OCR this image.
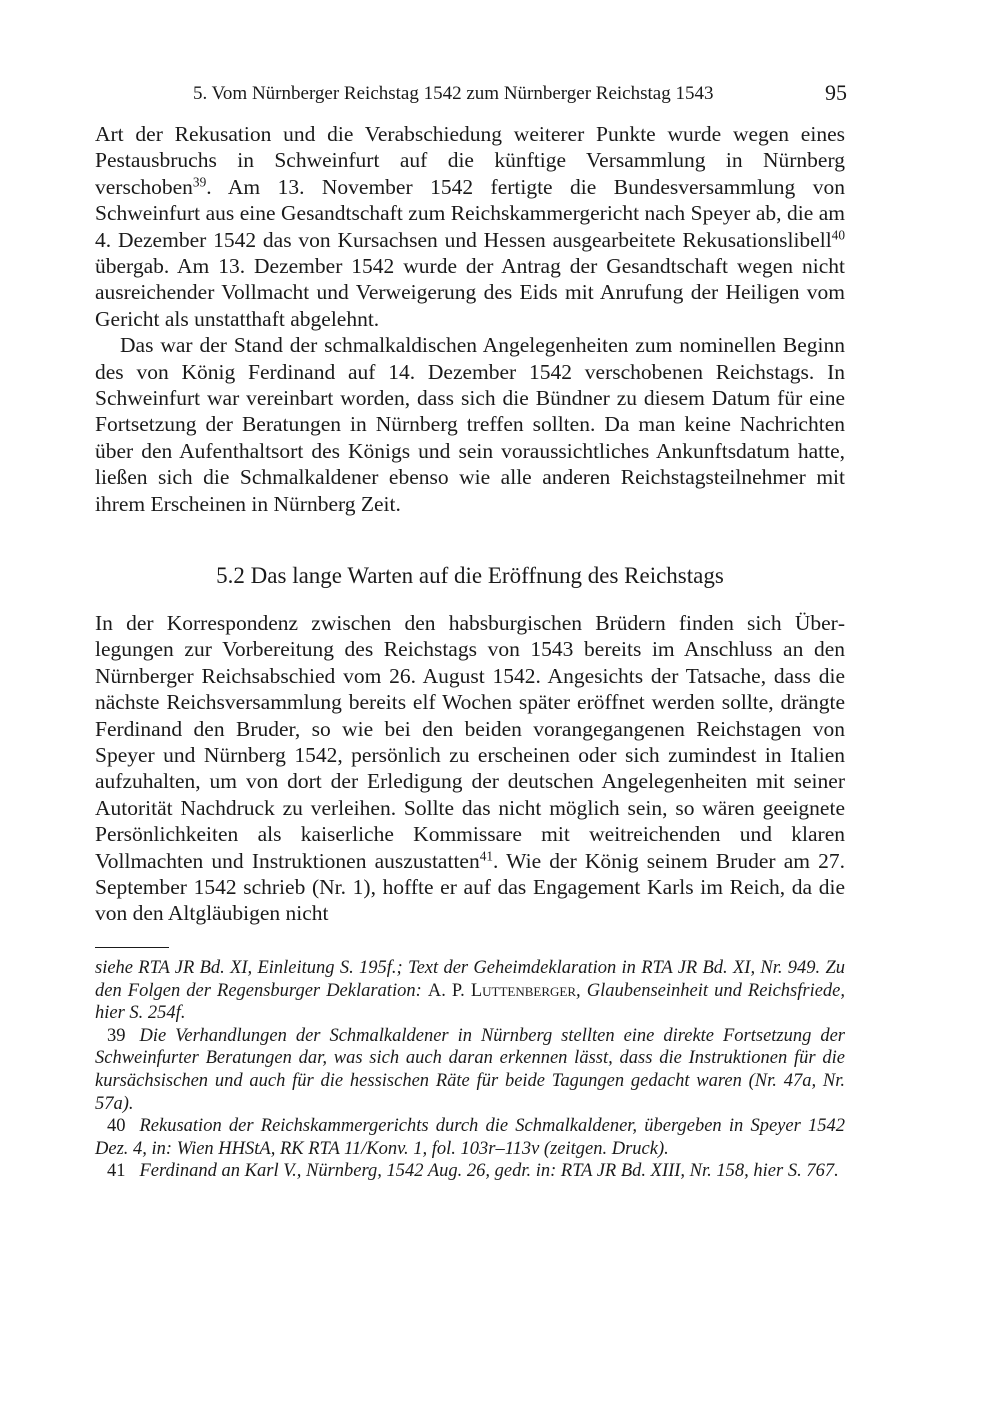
5. Vom Nürnberger Reichstag 1542 zum Nürnberger Reichstag 1543	95

Art der Rekusation und die Verabschiedung weiterer Punkte wurde wegen eines Pestausbruchs in Schweinfurt auf die künftige Versammlung in Nürnberg verschoben$^{39}$. Am 13. November 1542 fertigte die Bundesversammlung von Schweinfurt aus eine Gesandtschaft zum Reichskammergericht nach Speyer ab, die am 4. Dezember 1542 das von Kursachsen und Hessen ausgearbeitete Rekusationslibell$^{40}$ übergab. Am 13. Dezember 1542 wurde der Antrag der Gesandtschaft wegen nicht ausreichender Vollmacht und Verweigerung des Eids mit Anrufung der Heiligen vom Gericht als unstatthaft abgelehnt.

Das war der Stand der schmalkaldischen Angelegenheiten zum nominellen Beginn des von König Ferdinand auf 14. Dezember 1542 verschobenen Reichstags. In Schweinfurt war vereinbart worden, dass sich die Bündner zu diesem Datum für eine Fortsetzung der Beratungen in Nürnberg treffen sollten. Da man keine Nachrichten über den Aufenthaltsort des Königs und sein voraussichtliches Ankunftsdatum hatte, ließen sich die Schmalkaldener ebenso wie alle anderen Reichstagsteilnehmer mit ihrem Erscheinen in Nürnberg Zeit.

5.2 Das lange Warten auf die Eröffnung des Reichstags

In der Korrespondenz zwischen den habsburgischen Brüdern finden sich Überlegungen zur Vorbereitung des Reichstags von 1543 bereits im Anschluss an den Nürnberger Reichsabschied vom 26. August 1542. Angesichts der Tatsache, dass die nächste Reichsversammlung bereits elf Wochen später eröffnet werden sollte, drängte Ferdinand den Bruder, so wie bei den beiden vorangegangenen Reichstagen von Speyer und Nürnberg 1542, persönlich zu erscheinen oder sich zumindest in Italien aufzuhalten, um von dort der Erledigung der deutschen Angelegenheiten mit seiner Autorität Nachdruck zu verleihen. Sollte das nicht möglich sein, so wären geeignete Persönlichkeiten als kaiserliche Kommissare mit weitreichenden und klaren Vollmachten und Instruktionen auszustatten$^{41}$. Wie der König seinem Bruder am 27. September 1542 schrieb (Nr. 1), hoffte er auf das Engagement Karls im Reich, da die von den Altgläubigen nicht

siehe RTA JR Bd. XI, Einleitung S. 195f.; Text der Geheimdeklaration in RTA JR Bd. XI, Nr. 949. Zu den Folgen der Regensburger Deklaration: A. P. Luttenberger, Glaubenseinheit und Reichsfriede, hier S. 254f.

39 Die Verhandlungen der Schmalkaldener in Nürnberg stellten eine direkte Fortsetzung der Schweinfurter Beratungen dar, was sich auch daran erkennen lässt, dass die Instruktionen für die kursächsischen und auch für die hessischen Räte für beide Tagungen gedacht waren (Nr. 47a, Nr. 57a).

40 Rekusation der Reichskammergerichts durch die Schmalkaldener, übergeben in Speyer 1542 Dez. 4, in: Wien HHStA, RK RTA 11/Konv. 1, fol. 103r–113v (zeitgen. Druck).

41 Ferdinand an Karl V., Nürnberg, 1542 Aug. 26, gedr. in: RTA JR Bd. XIII, Nr. 158, hier S. 767.
